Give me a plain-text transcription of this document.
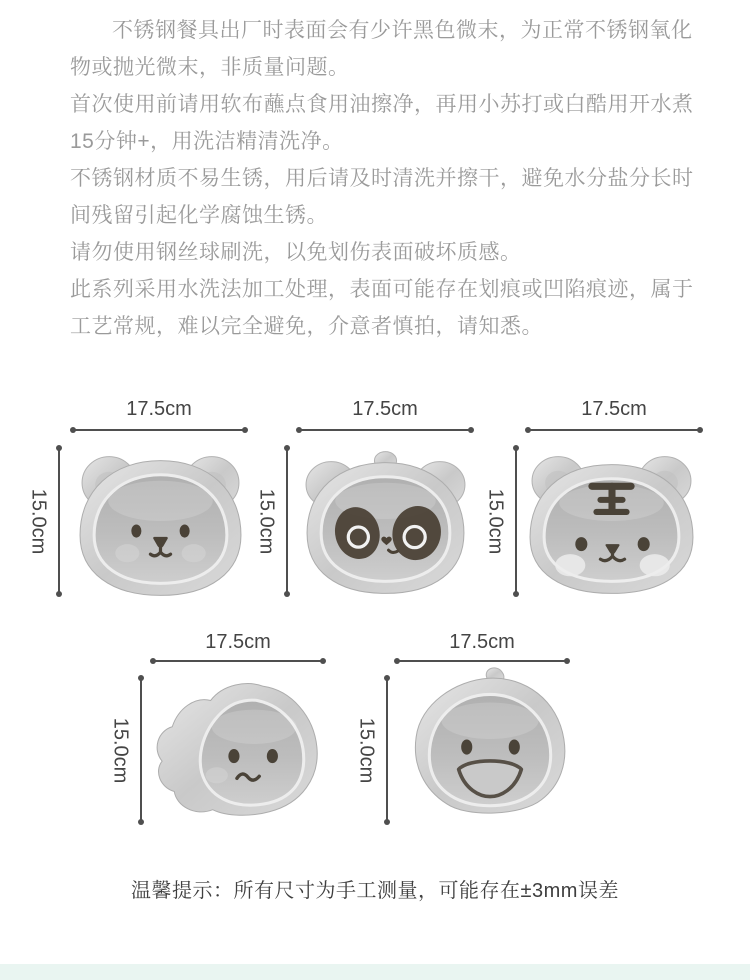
不锈钢餐具出厂时表面会有少许黑色微末，为正常不锈钢氧化物或抛光微末，非质量问题。

首次使用前请用软布蘸点食用油擦净，再用小苏打或白酷用开水煮15分钟+，用洗洁精清洗净。

不锈钢材质不易生锈，用后请及时清洗并擦干，避免水分盐分长时间残留引起化学腐蚀生锈。

请勿使用钢丝球刷洗，以免划伤表面破坏质感。

此系列采用水洗法加工处理，表面可能存在划痕或凹陷痕迹，属于工艺常规，难以完全避免，介意者慎拍，请知悉。

17.5cm
15.0cm
17.5cm
15.0cm
17.5cm
15.0cm
17.5cm
15.0cm
17.5cm
15.0cm
温馨提示：所有尺寸为手工测量，可能存在±3mm误差
